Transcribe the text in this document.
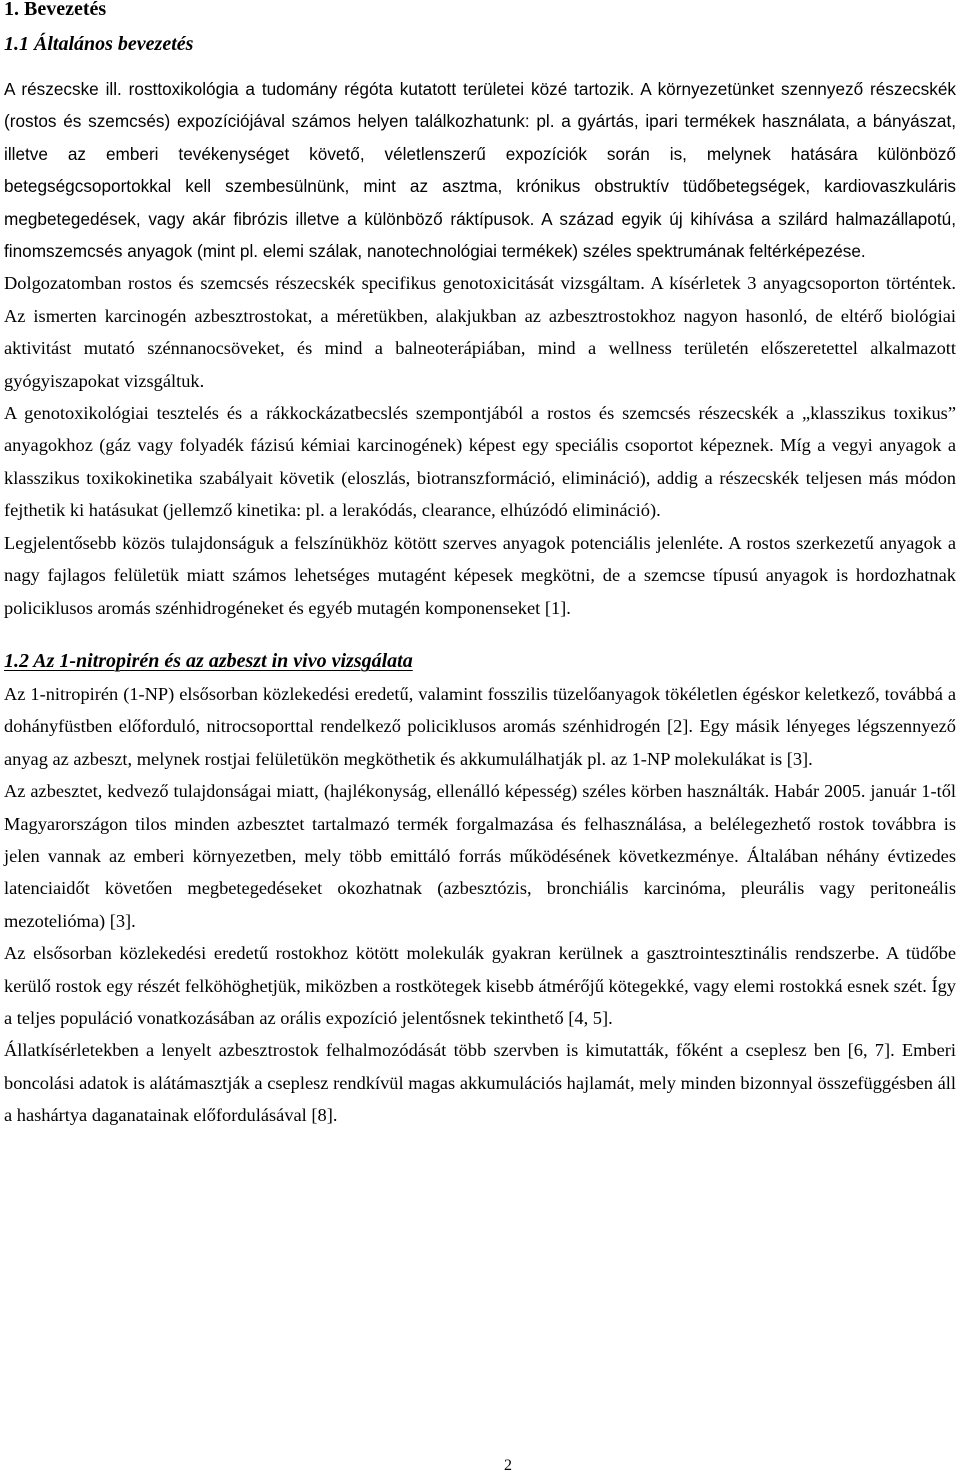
1. Bevezetés

1.1 Általános bevezetés

A részecske ill. rosttoxikológia a tudomány régóta kutatott területei közé tartozik. A környezetünket szennyező részecskék (rostos és szemcsés) expozíciójával számos helyen találkozhatunk: pl. a gyártás, ipari termékek használata, a bányászat, illetve az emberi tevékenységet követő, véletlenszerű expozíciók során is, melynek hatására különböző betegségcsoportokkal kell szembesülnünk, mint az asztma, krónikus obstruktív tüdőbetegségek, kardiovaszkuláris megbetegedések, vagy akár fibrózis illetve a különböző ráktípusok. A század egyik új kihívása a szilárd halmazállapotú, finomszemcsés anyagok (mint pl. elemi szálak, nanotechnológiai termékek) széles spektrumának feltérképezése.

Dolgozatomban rostos és szemcsés részecskék specifikus genotoxicitását vizsgáltam. A kísérletek 3 anyagcsoporton történtek. Az ismerten karcinogén azbesztrostokat, a méretükben, alakjukban az azbesztrostokhoz nagyon hasonló, de eltérő biológiai aktivitást mutató szénnanocsöveket, és mind a balneoterápiában, mind a wellness területén előszeretettel alkalmazott gyógyiszapokat vizsgáltuk.

A genotoxikológiai tesztelés és a rákkockázatbecslés szempontjából a rostos és szemcsés részecskék a „klasszikus toxikus” anyagokhoz (gáz vagy folyadék fázisú kémiai karcinogének) képest egy speciális csoportot képeznek. Míg a vegyi anyagok a klasszikus toxikokinetika szabályait követik (eloszlás, biotranszformáció, elimináció), addig a részecskék teljesen más módon fejthetik ki hatásukat (jellemző kinetika: pl. a lerakódás, clearance, elhúzódó elimináció).

Legjelentősebb közös tulajdonságuk a felszínükhöz kötött szerves anyagok potenciális jelenléte. A rostos szerkezetű anyagok a nagy fajlagos felületük miatt számos lehetséges mutagént képesek megkötni, de a szemcse típusú anyagok is hordozhatnak policiklusos aromás szénhidrogéneket és egyéb mutagén komponenseket [1].

1.2 Az 1-nitropirén és az azbeszt in vivo vizsgálata

Az 1-nitropirén (1-NP) elsősorban közlekedési eredetű, valamint fosszilis tüzelőanyagok tökéletlen égéskor keletkező, továbbá a dohányfüstben előforduló, nitrocsoporttal rendelkező policiklusos aromás szénhidrogén [2]. Egy másik lényeges légszennyező anyag az azbeszt, melynek rostjai felületükön megköthetik és akkumulálhatják pl. az 1-NP molekulákat is [3].

Az azbesztet, kedvező tulajdonságai miatt, (hajlékonyság, ellenálló képesség) széles körben használták. Habár 2005. január 1-től Magyarországon tilos minden azbesztet tartalmazó termék forgalmazása és felhasználása, a belélegezhető rostok továbbra is jelen vannak az emberi környezetben, mely több emittáló forrás működésének következménye. Általában néhány évtizedes latenciaidőt követően megbetegedéseket okozhatnak (azbesztózis, bronchiális karcinóma, pleurális vagy peritoneális mezotelióma) [3].

Az elsősorban közlekedési eredetű rostokhoz kötött molekulák gyakran kerülnek a gasztrointesztinális rendszerbe. A tüdőbe kerülő rostok egy részét felköhöghetjük, miközben a rostkötegek kisebb átmérőjű kötegekké, vagy elemi rostokká esnek szét. Így a teljes populáció vonatkozásában az orális expozíció jelentősnek tekinthető [4, 5].

Állatkísérletekben a lenyelt azbesztrostok felhalmozódását több szervben is kimutatták, főként a cseplesz ben [6, 7]. Emberi boncolási adatok is alátámasztják a cseplesz rendkívül magas akkumulációs hajlamát, mely minden bizonnyal összefüggésben áll a hashártya daganatainak előfordulásával [8].

2
